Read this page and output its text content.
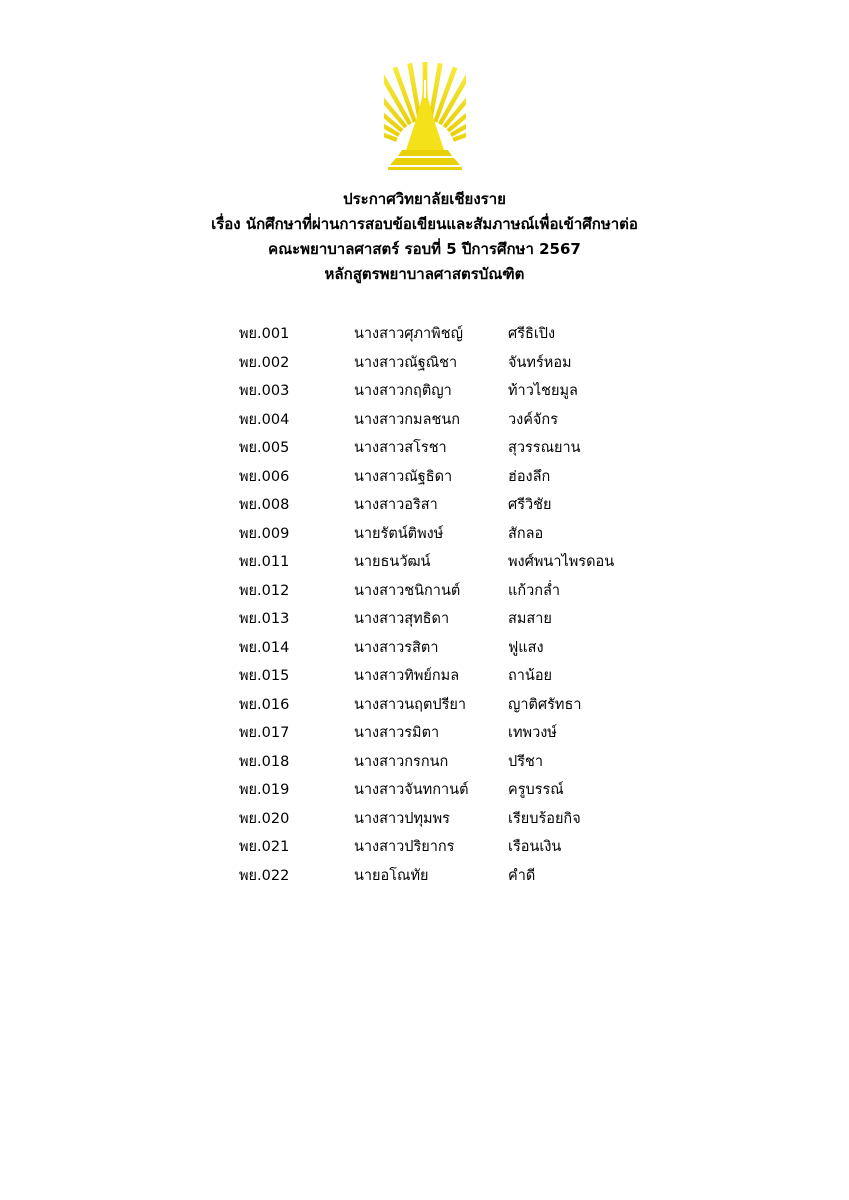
ประกาศวิทยาลัยเชียงราย
เรื่อง นักศึกษาที่ผ่านการสอบข้อเขียนและสัมภาษณ์เพื่อเข้าศึกษาต่อ
คณะพยาบาลศาสตร์ รอบที่ 5 ปีการศึกษา 2567
หลักสูตรพยาบาลศาสตรบัณฑิต
พย.001	นางสาวศุภาพิชญ์	ศรีธิเปิง
พย.002	นางสาวณัฐณิชา	จันทร์หอม
พย.003	นางสาวกฤติญา	ท้าวไชยมูล
พย.004	นางสาวกมลชนก	วงค์จักร
พย.005	นางสาวสโรชา	สุวรรณยาน
พย.006	นางสาวณัฐธิดา	ฮ่องลึก
พย.008	นางสาวอริสา	ศรีวิชัย
พย.009	นายรัตน์ติพงษ์	สักลอ
พย.011	นายธนวัฒน์	พงศ์พนาไพรดอน
พย.012	นางสาวชนิกานต์	แก้วกล่ำ
พย.013	นางสาวสุทธิดา	สมสาย
พย.014	นางสาวรสิตา	ฟูแสง
พย.015	นางสาวทิพย์กมล	ถาน้อย
พย.016	นางสาวนฤตปรียา	ญาติศรัทธา
พย.017	นางสาวรมิตา	เทพวงษ์
พย.018	นางสาวกรกนก	ปรีชา
พย.019	นางสาวจันทกานต์	ครูบรรณ์
พย.020	นางสาวปทุมพร	เรียบร้อยกิจ
พย.021	นางสาวปริยากร	เรือนเงิน
พย.022	นายอโณทัย	คำดี
